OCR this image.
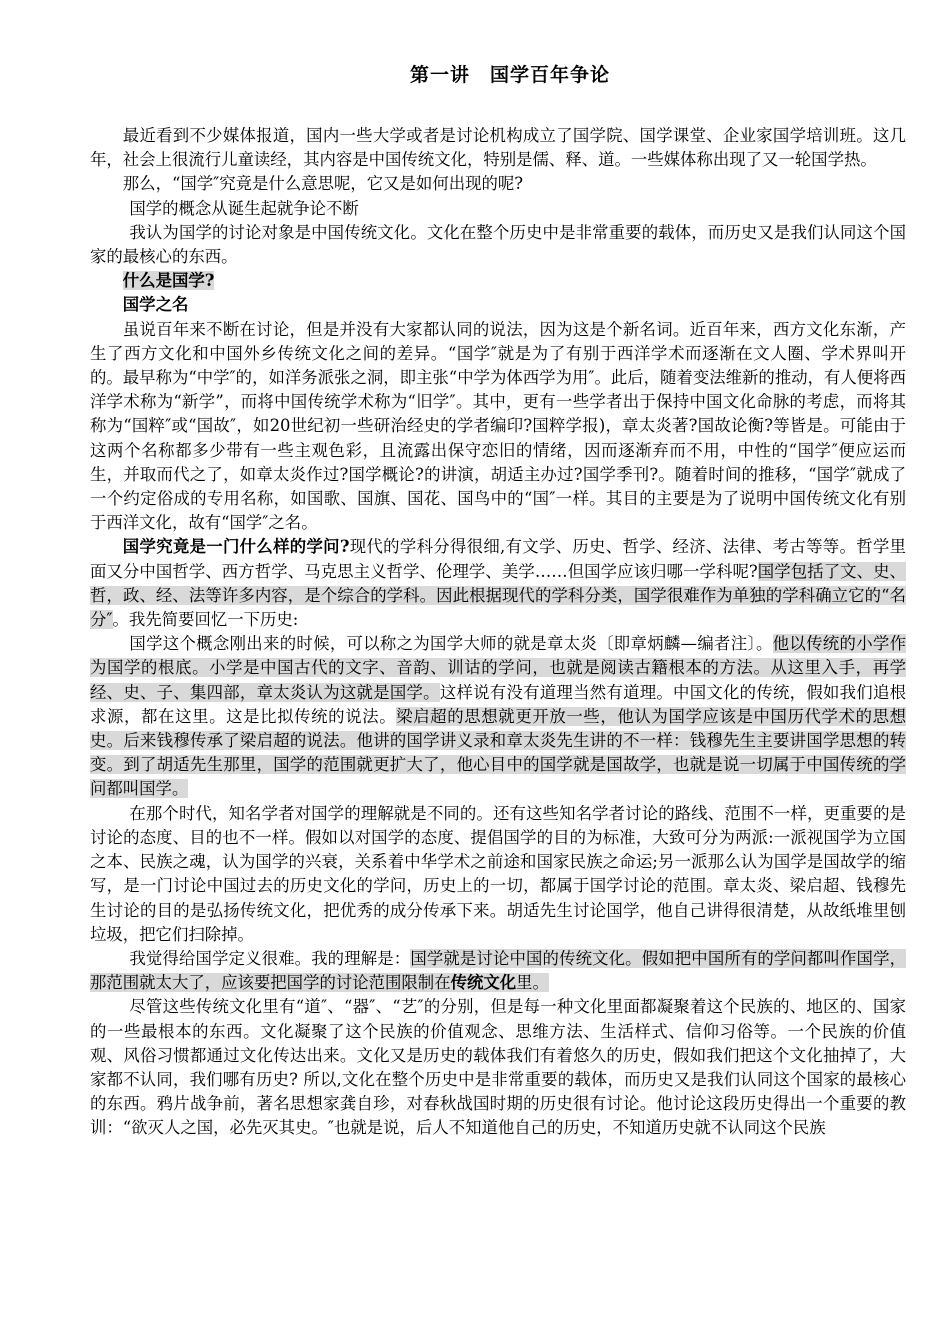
第一讲　国学百年争论

最近看到不少媒体报道，国内一些大学或者是讨论机构成立了国学院、国学课堂、企业家国学培训班。这几年，社会上很流行儿童读经，其内容是中国传统文化，特别是儒、释、道。一些媒体称出现了又一轮国学热。

那么，“国学″究竟是什么意思呢，它又是如何出现的呢?

国学的概念从诞生起就争论不断

我认为国学的讨论对象是中国传统文化。文化在整个历史中是非常重要的载体，而历史又是我们认同这个国家的最核心的东西。

什么是国学?

国学之名

虽说百年来不断在讨论，但是并没有大家都认同的说法，因为这是个新名词。近百年来，西方文化东渐，产生了西方文化和中国外乡传统文化之间的差异。“国学″就是为了有别于西洋学术而逐渐在文人圈、学术界叫开的。最早称为“中学″的，如洋务派张之洞，即主张“中学为体西学为用″。此后，随着变法维新的推动，有人便将西洋学术称为“新学”，而将中国传统学术称为“旧学″。其中，更有一些学者出于保持中国文化命脉的考虑，而将其称为“国粹″或“国故″，如20世纪初一些研治经史的学者编印?国粹学报)，章太炎著?国故论衡?等皆是。可能由于这两个名称都多少带有一些主观色彩，且流露出保守恋旧的情绪，因而逐渐弃而不用，中性的“国学″便应运而生，并取而代之了，如章太炎作过?国学概论?的讲演，胡适主办过?国学季刊?。随着时间的推移，“国学″就成了一个约定俗成的专用名称，如国歌、国旗、国花、国鸟中的“国″一样。其目的主要是为了说明中国传统文化有别于西洋文化，故有“国学″之名。

国学究竟是一门什么样的学问?现代的学科分得很细,有文学、历史、哲学、经济、法律、考古等等。哲学里面又分中国哲学、西方哲学、马克思主义哲学、伦理学、美学……但国学应该归哪一学科呢?国学包括了文、史、哲，政、经、法等许多内容，是个综合的学科。因此根据现代的学科分类，国学很难作为单独的学科确立它的“名分″。我先简要回忆一下历史:

国学这个概念刚出来的时候，可以称之为国学大师的就是章太炎〔即章炳麟—编者注〕。他以传统的小学作为国学的根底。小学是中国古代的文字、音韵、训诂的学问，也就是阅读古籍根本的方法。从这里入手，再学经、史、子、集四部，章太炎认为这就是国学。这样说有没有道理当然有道理。中国文化的传统，假如我们追根求源，都在这里。这是比拟传统的说法。梁启超的思想就更开放一些，他认为国学应该是中国历代学术的思想史。后来钱穆传承了梁启超的说法。他讲的国学讲义录和章太炎先生讲的不一样：钱穆先生主要讲国学思想的转变。到了胡适先生那里，国学的范围就更扩大了，他心目中的国学就是国故学，也就是说一切属于中国传统的学问都叫国学。

在那个时代，知名学者对国学的理解就是不同的。还有这些知名学者讨论的路线、范围不一样，更重要的是讨论的态度、目的也不一样。假如以对国学的态度、提倡国学的目的为标准，大致可分为两派:一派视国学为立国之本、民族之魂，认为国学的兴衰，关系着中华学术之前途和国家民族之命运;另一派那么认为国学是国故学的缩写，是一门讨论中国过去的历史文化的学问，历史上的一切，都属于国学讨论的范围。章太炎、梁启超、钱穆先生讨论的目的是弘扬传统文化，把优秀的成分传承下来。胡适先生讨论国学，他自己讲得很清楚，从故纸堆里刨垃圾，把它们扫除掉。

我觉得给国学定义很难。我的理解是：国学就是讨论中国的传统文化。假如把中国所有的学问都叫作国学，那范围就太大了，应该要把国学的讨论范围限制在传统文化里。

尽管这些传统文化里有“道″、“器″、“艺″的分别，但是每一种文化里面都凝聚着这个民族的、地区的、国家的一些最根本的东西。文化凝聚了这个民族的价值观念、思维方法、生活样式、信仰习俗等。一个民族的价值观、风俗习惯都通过文化传达出来。文化又是历史的载体我们有着悠久的历史，假如我们把这个文化抽掉了，大家都不认同，我们哪有历史? 所以,文化在整个历史中是非常重要的载体，而历史又是我们认同这个国家的最核心的东西。鸦片战争前，著名思想家龚自珍，对春秋战国时期的历史很有讨论。他讨论这段历史得出一个重要的教训：“欲灭人之国，必先灭其史。″也就是说，后人不知道他自己的历史，不知道历史就不认同这个民族
